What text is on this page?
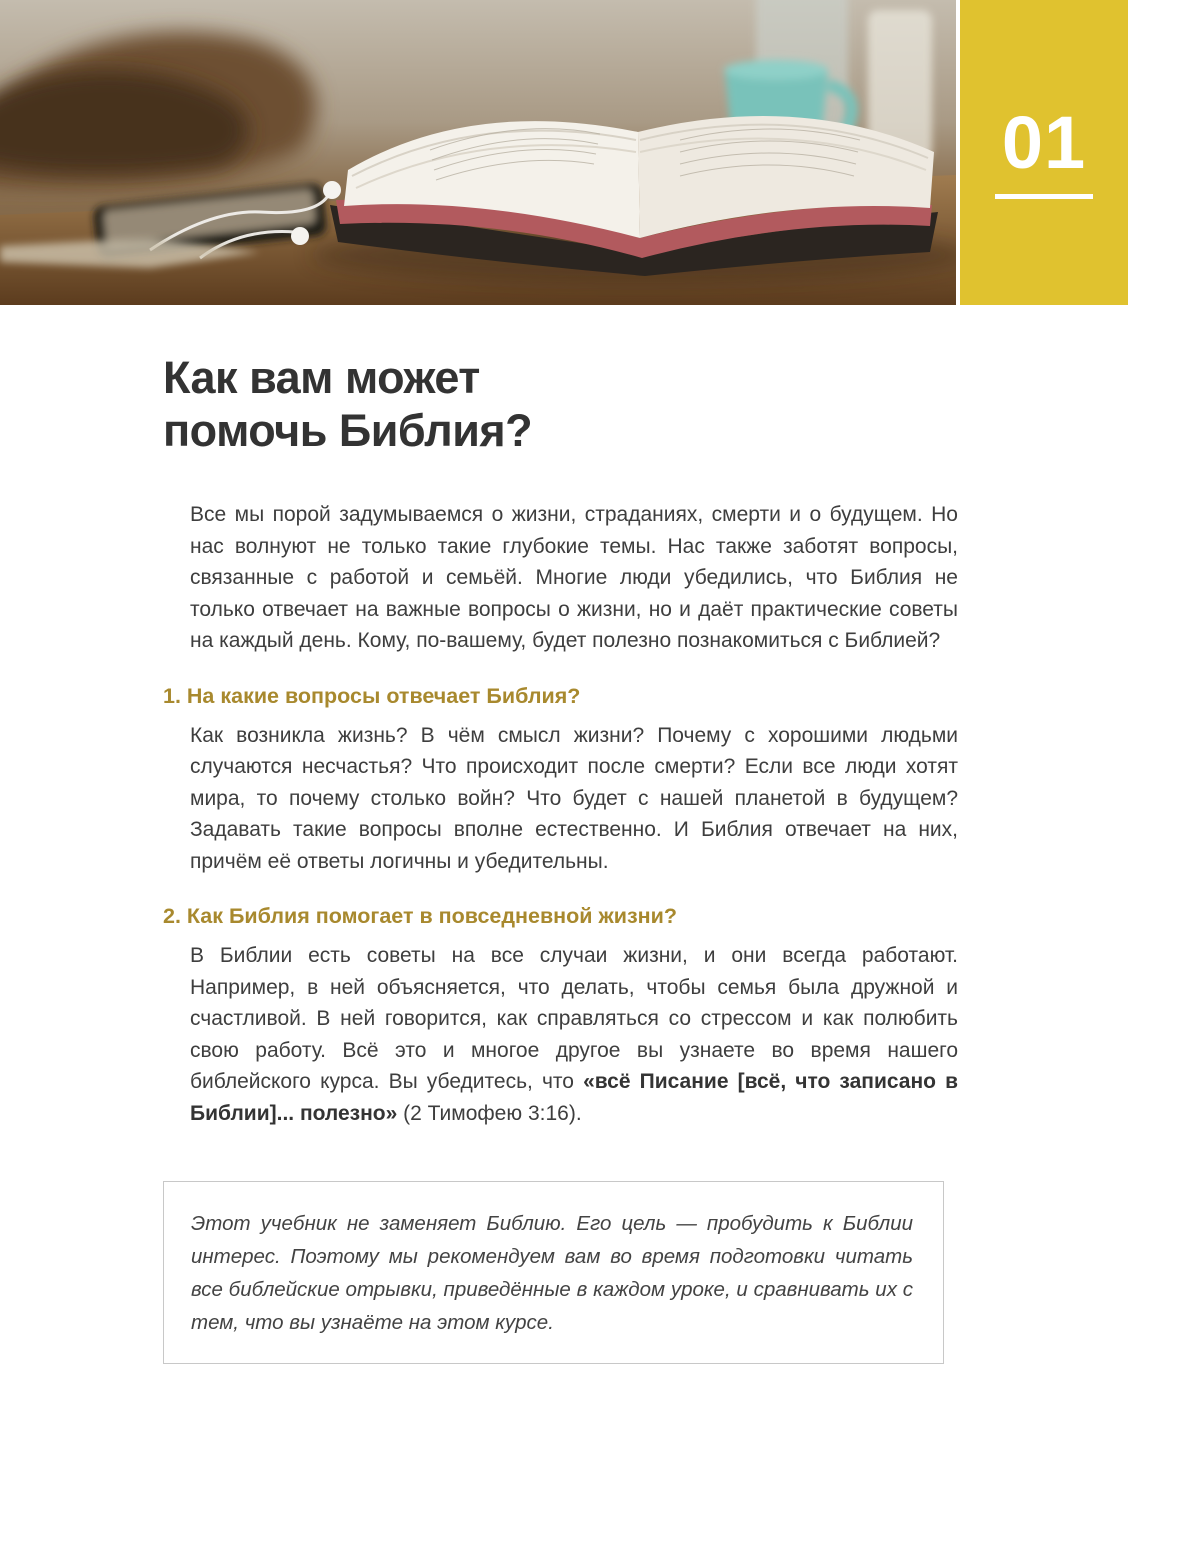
01
Как вам может
помочь Библия?

Все мы порой задумываемся о жизни, страданиях, смерти и о будущем. Но нас волнуют не только такие глубокие темы. Нас также заботят вопросы, связанные с работой и семьёй. Многие люди убедились, что Библия не только отвечает на важные вопросы о жизни, но и даёт практические советы на каждый день. Кому, по-вашему, будет полезно познакомиться с Библией?

1. На какие вопросы отвечает Библия?

Как возникла жизнь? В чём смысл жизни? Почему с хорошими людьми случаются несчастья? Что происходит после смерти? Если все люди хотят мира, то почему столько войн? Что будет с нашей планетой в будущем? Задавать такие вопросы вполне естественно. И Библия отвечает на них, причём её ответы логичны и убедительны.

2. Как Библия помогает в повседневной жизни?

В Библии есть советы на все случаи жизни, и они всегда работают. Например, в ней объясняется, что делать, чтобы семья была дружной и счастливой. В ней говорится, как справляться со стрессом и как полюбить свою работу. Всё это и многое другое вы узнаете во время нашего библейского курса. Вы убедитесь, что «всё Писание [всё, что записано в Библии]... полезно» (2 Тимофею 3:16).

Этот учебник не заменяет Библию. Его цель — пробудить к Библии интерес. Поэтому мы рекомендуем вам во время подготовки читать все библейские отрывки, приведённые в каждом уроке, и сравнивать их с тем, что вы узнаёте на этом курсе.
